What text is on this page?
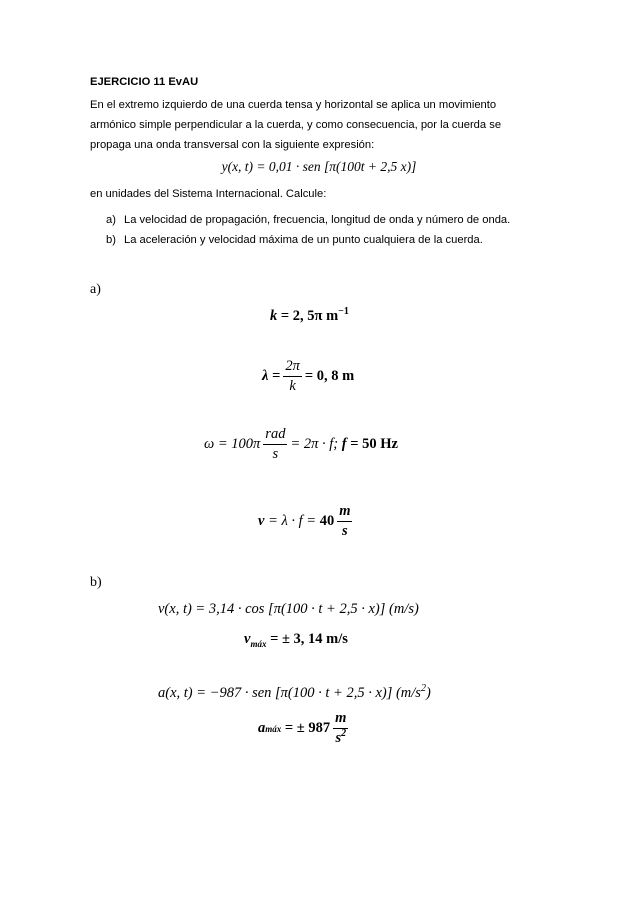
EJERCICIO 11 EvAU
En el extremo izquierdo de una cuerda tensa y horizontal se aplica un movimiento
armónico simple perpendicular a la cuerda, y como consecuencia, por la cuerda se
propaga una onda transversal con la siguiente expresión:
y(x, t) = 0,01 · sen [π(100t + 2,5 x)]
en unidades del Sistema Internacional. Calcule:
a) La velocidad de propagación, frecuencia, longitud de onda y número de onda.
b) La aceleración y velocidad máxima de un punto cualquiera de la cuerda.
a)
k = 2, 5π $m^{-1}$
$\lambda = \frac{2\pi}{k} = 0$, 8 m
$\omega = 100\pi \frac{\text{rad}}{s} = 2\pi \cdot f$;
f
= 50 Hz
v
= λ · f =
$40 \frac{m}{s}$
b)
v(x, t) = 3,14 · cos [π(100 · t + 2,5 · x)] (m/s)
$v_{máx}$ = ± 3, 14 m/s
a(x, t) = −987 · sen [π(100 · t + 2,5 · x)] $(m/s^2)$
a máx
= ± $987 \frac{m}{s^2}$
